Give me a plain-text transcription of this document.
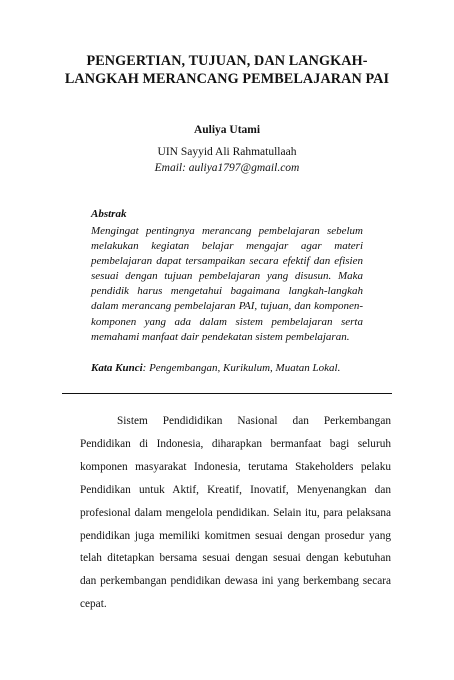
PENGERTIAN, TUJUAN, DAN LANGKAH-
LANGKAH MERANCANG PEMBELAJARAN PAI
Auliya Utami
UIN Sayyid Ali Rahmatullaah
Email: auliya1797@gmail.com
Abstrak

Mengingat pentingnya merancang pembelajaran sebelum melakukan kegiatan belajar mengajar agar materi pembelajaran dapat tersampaikan secara efektif dan efisien sesuai dengan tujuan pembelajaran yang disusun. Maka pendidik harus mengetahui bagaimana langkah-langkah dalam merancang pembelajaran PAI, tujuan, dan komponen-komponen yang ada dalam sistem pembelajaran serta memahami manfaat dair pendekatan sistem pembelajaran.

Kata Kunci: Pengembangan, Kurikulum, Muatan Lokal.

Sistem Pendididikan Nasional dan Perkembangan Pendidikan di Indonesia, diharapkan bermanfaat bagi seluruh komponen masyarakat Indonesia, terutama Stakeholders pelaku Pendidikan untuk Aktif, Kreatif, Inovatif, Menyenangkan dan profesional dalam mengelola pendidikan. Selain itu, para pelaksana pendidikan juga memiliki komitmen sesuai dengan prosedur yang telah ditetapkan bersama sesuai dengan sesuai dengan kebutuhan dan perkembangan pendidikan dewasa ini yang berkembang secara cepat.
